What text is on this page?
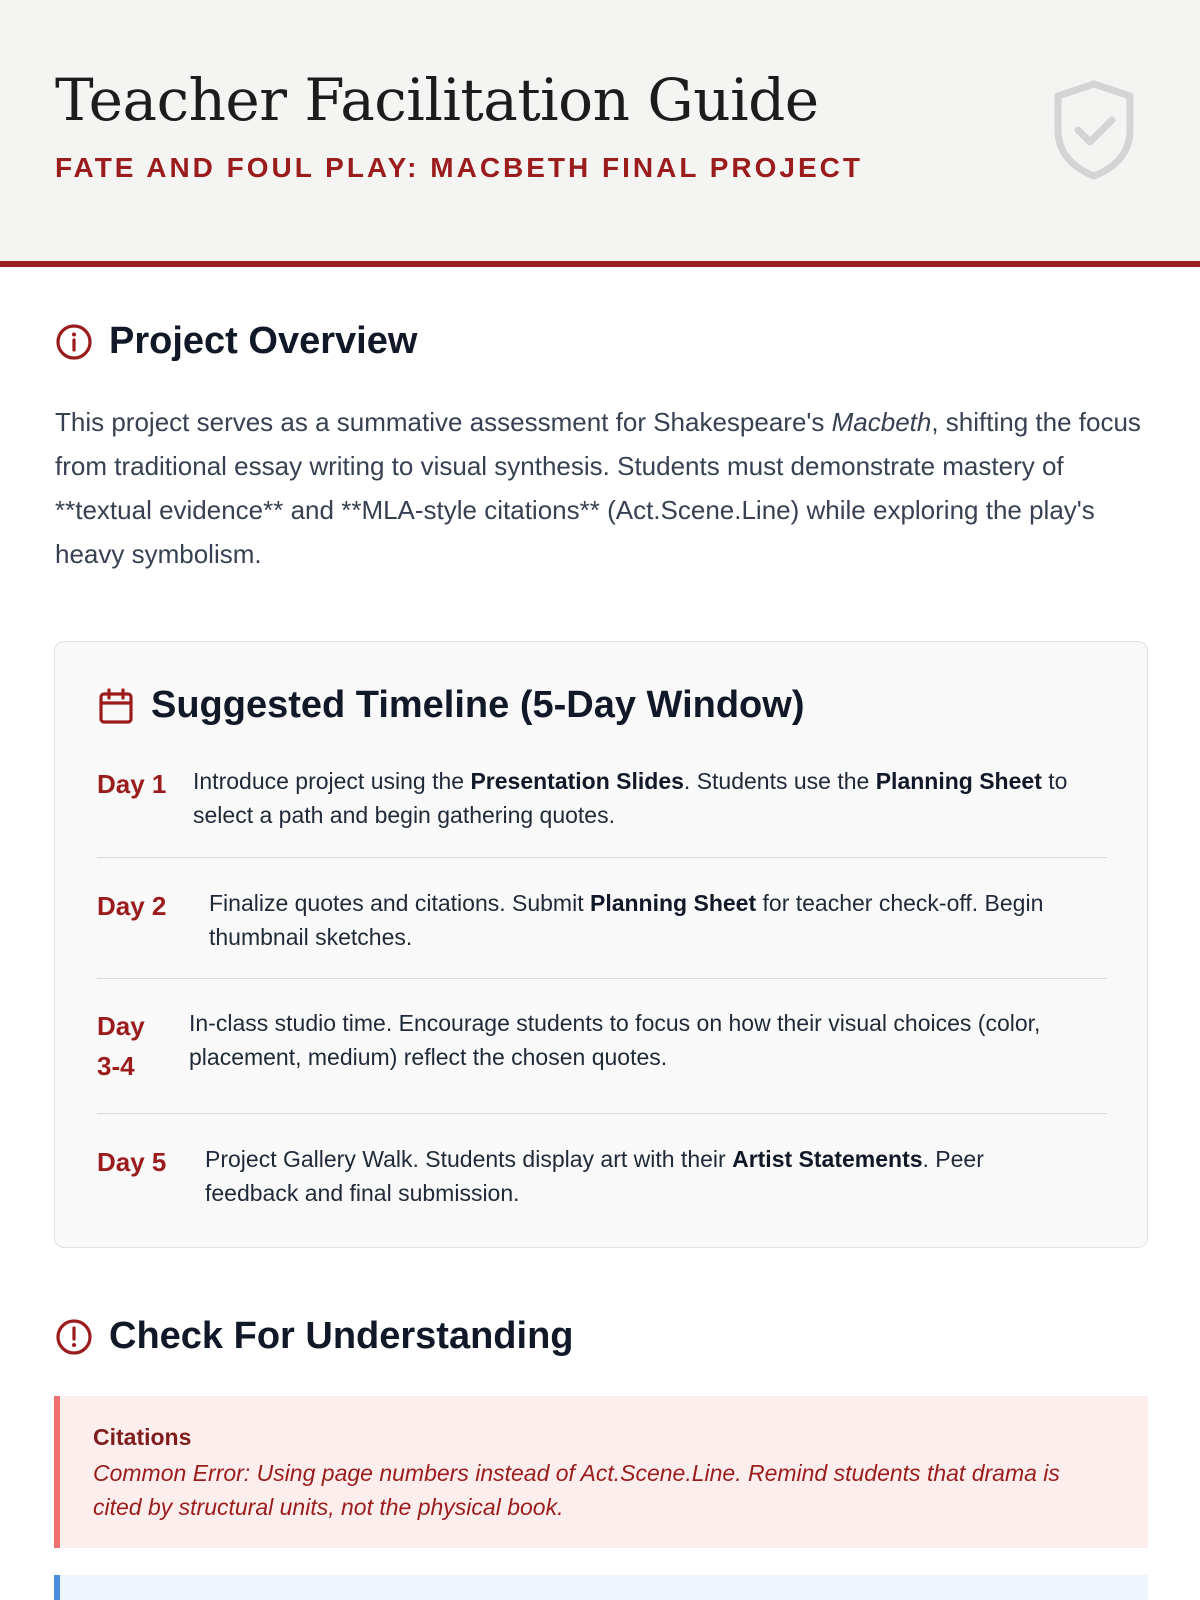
Teacher Facilitation Guide
FATE AND FOUL PLAY: MACBETH FINAL PROJECT
Project Overview

This project serves as a summative assessment for Shakespeare's Macbeth, shifting the focus from traditional essay writing to visual synthesis. Students must demonstrate mastery of **textual evidence** and **MLA-style citations** (Act.Scene.Line) while exploring the play's heavy symbolism.

Suggested Timeline (5-Day Window)
Day 1 Introduce project using the Presentation Slides. Students use the Planning Sheet to select a path and begin gathering quotes.
Day 2 Finalize quotes and citations. Submit Planning Sheet for teacher check-off. Begin thumbnail sketches.
Day 3-4
In-class studio time. Encourage students to focus on how their visual choices (color, placement, medium) reflect the chosen quotes.
Day 5 Project Gallery Walk. Students display art with their Artist Statements. Peer feedback and final submission.
Check For Understanding
Citations
Common Error: Using page numbers instead of Act.Scene.Line. Remind students that drama is cited by structural units, not the physical book.
